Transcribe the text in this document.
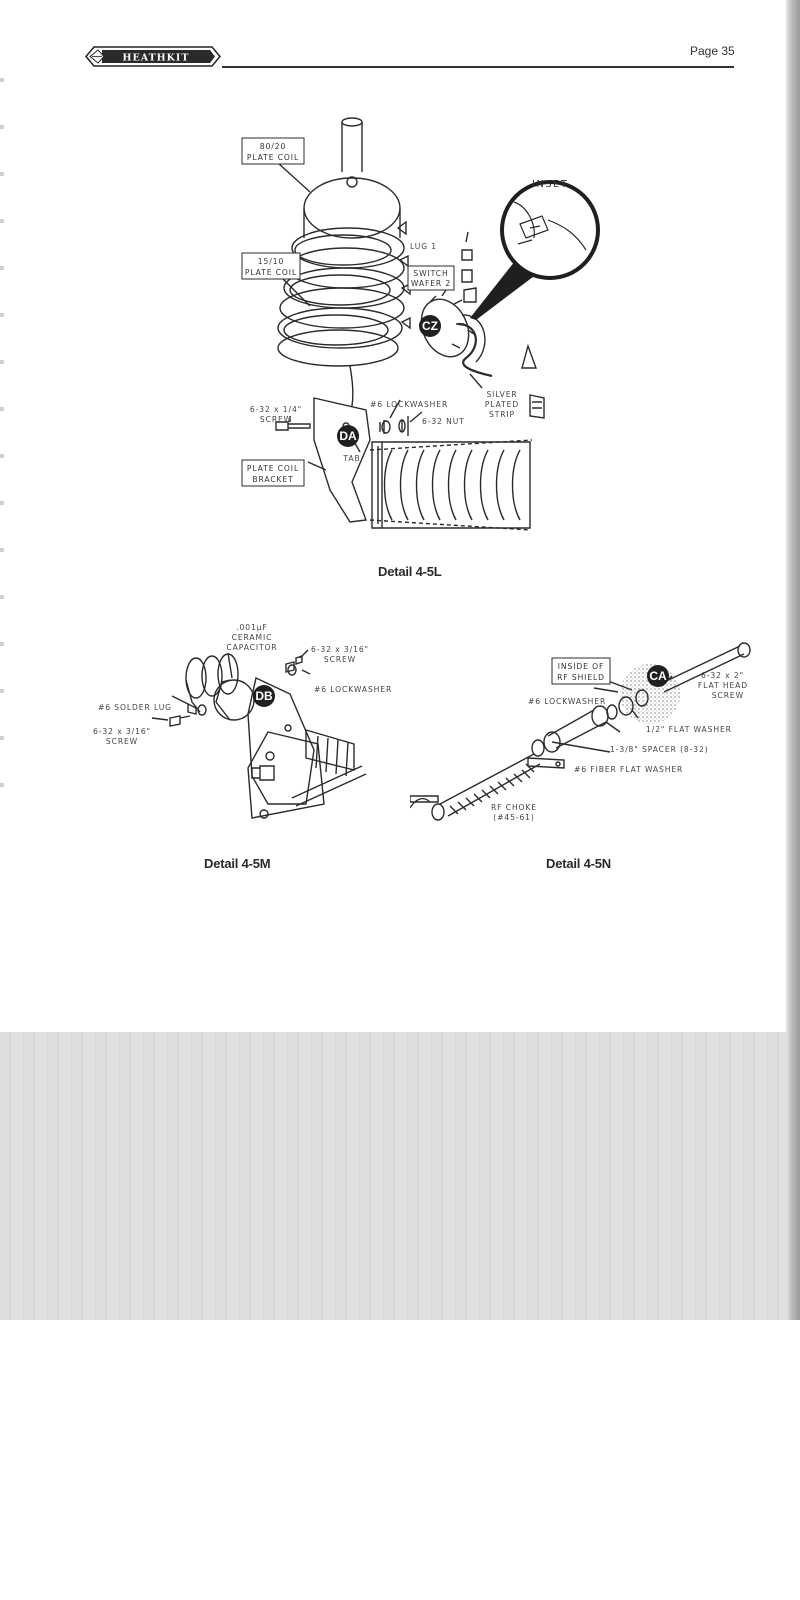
HEATHKIT	Page 35
INSET
80/20
PLATE COIL
15/10
PLATE COIL
LUG 1
SWITCH
WAFER 2
SILVER
PLATED
STRIP
6-32 x 1/4"
SCREW
#6 LOCKWASHER
6-32 NUT
TAB
PLATE COIL
BRACKET
CZ
DA
Detail 4-5L
DB
.001µF
CERAMIC
CAPACITOR	6-32 x 3/16"
SCREW
#6 LOCKWASHER
#6 SOLDER LUG
6-32 x 3/16"
SCREW
Detail 4-5M
INSIDE OF
RF SHIELD	CA	6-32 x 2"
FLAT HEAD
SCREW
#6 LOCKWASHER
1/2" FLAT WASHER
1-3/8" SPACER (8-32)
#6 FIBER FLAT WASHER
RF CHOKE
(#45-61)
Detail 4-5N
